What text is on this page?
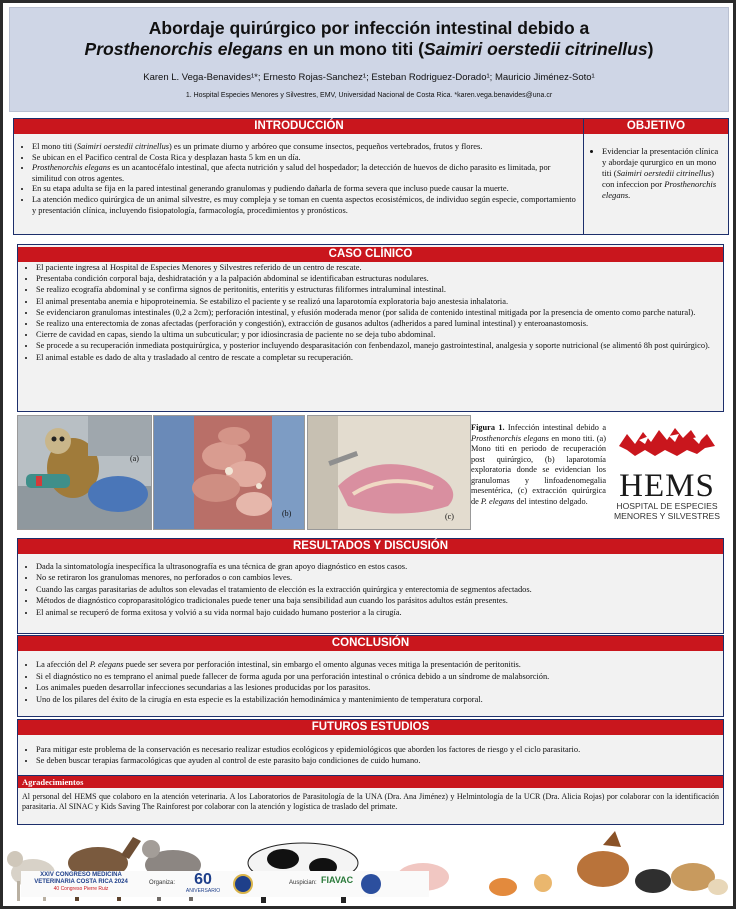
Abordaje quirúrgico por infección intestinal debido a
Prosthenorchis elegans en un mono titi (Saimiri oerstedii citrinellus)
Karen L. Vega-Benavides¹*; Ernesto Rojas-Sanchez¹; Esteban Rodriguez-Dorado¹; Mauricio Jiménez-Soto¹
1. Hospital Especies Menores y Silvestres, EMV, Universidad Nacional de Costa Rica. *karen.vega.benavides@una.cr
INTRODUCCIÓN
• El mono titi (Saimiri oerstedii citrinellus) es un primate diurno y arbóreo que consume insectos, pequeños vertebrados, frutos y flores.
• Se ubican en el Pacifico central de Costa Rica y desplazan hasta 5 km en un día.
• Prosthenorchis elegans es un acantocéfalo intestinal, que afecta nutrición y salud del hospedador; la detección de huevos de dicho parasito es limitada, por similitud con otros agentes.
• En su etapa adulta se fija en la pared intestinal generando granulomas y pudiendo dañarla de forma severa que incluso puede causar la muerte.
• La atención medico quirúrgica de un animal silvestre, es muy compleja y se toman en cuenta aspectos ecosistémicos, de individuo según especie, comportamiento y presentación clínica, incluyendo fisiopatología, farmacología, procedimientos y pronósticos.
OBJETIVO
• Evidenciar la presentación clínica y abordaje qururgico en un mono titi (Saimiri oerstedii citrinellus) con infeccion por Prosthenorchis elegans.
CASO CLÍNICO
• El paciente ingresa al Hospital de Especies Menores y Silvestres referido de un centro de rescate.
• Presentaba condición corporal baja, deshidratación y a la palpación abdominal se identificaban estructuras nodulares.
• Se realizo ecografía abdominal y se confirma signos de peritonitis, enteritis y estructuras filiformes intraluminal intestinal.
• El animal presentaba anemia e hipoproteinemia. Se estabilizo el paciente y se realizó una laparotomía exploratoria bajo anestesia inhalatoria.
• Se evidenciaron granulomas intestinales (0,2 a 2cm); perforación intestinal, y efusión moderada menor (por salida de contenido intestinal mitigada por la presencia de omento como parche natural).
• Se realizo una enterectomia de zonas afectadas (perforación y congestión), extracción de gusanos adultos (adheridos a pared luminal intestinal) y enteroanastomosis.
• Cierre de cavidad en capas, siendo la ultima un subcuticular; y por idiosincrasia de paciente no se deja tubo abdominal.
• Se procede a su recuperación inmediata postquirúrgica, y posterior incluyendo desparasitación con fenbendazol, manejo gastrointestinal, analgesia y soporte nutricional (se alimentó 8h post quirúrgico).
• El animal estable es dado de alta y trasladado al centro de rescate a completar su recuperación.
(a)
(b)	(c)
Figura 1. Infección intestinal debido a Prosthenorchis elegans en mono titi. (a) Mono titi en periodo de recuperación post quirúrgico, (b) laparotomía exploratoria donde se evidencian los granulomas y linfoadenomegalia mesentérica, (c) extracción quirúrgica de P. elegans del intestino delgado. HEMS
HOSPITAL DE ESPECIES
MENORES Y SILVESTRES
RESULTADOS Y DISCUSIÓN
• Dada la sintomatología inespecífica la ultrasonografía es una técnica de gran apoyo diagnóstico en estos casos.
• No se retiraron los granulomas menores, no perforados o con cambios leves.
• Cuando las cargas parasitarias de adultos son elevadas el tratamiento de elección es la extracción quirúrgica y enterectomia de segmentos afectados.
• Métodos de diagnóstico coproparasitológico tradicionales puede tener una baja sensibilidad aun cuando los parásitos adultos están presentes.
• El animal se recuperó de forma exitosa y volvió a su vida normal bajo cuidado humano posterior a la cirugía.
CONCLUSIÓN
• La afección del P. elegans puede ser severa por perforación intestinal, sin embargo el omento algunas veces mitiga la presentación de peritonitis.
• Si el diagnóstico no es temprano el animal puede fallecer de forma aguda por una perforación intestinal o crónica debido a un síndrome de malabsorción.
• Los animales pueden desarrollar infecciones secundarias a las lesiones producidas por los parasitos.
• Uno de los pilares del éxito de la cirugía en esta especie es la estabilización hemodinámica y mantenimiento de temperatura corporal.
FUTUROS ESTUDIOS
• Para mitigar este problema de la conservación es necesario realizar estudios ecológicos y epidemiológicos que aborden los factores de riesgo y el ciclo parasitario.
• Se deben buscar terapias farmacológicas que ayuden al control de este parasito bajo condiciones de cuido humano.
Agradecimientos
Al personal del HEMS que colaboro en la atención veterinaria. A los Laboratorios de Parasitología de la UNA (Dra. Ana Jiménez) y Helmintología de la UCR (Dra. Alicia Rojas) por colaborar con la identificación parasitaria. Al SINAC y Kids Saving The Rainforest por colaborar con la atención y logística de traslado del primate.
XXIV CONGRESO MEDICINA
VETERINARIA COSTA RICA 2024
40 Congreso Pierre Ruiz
Organiza:	60
ANIVERSARIO
Auspician: FIAVAC
